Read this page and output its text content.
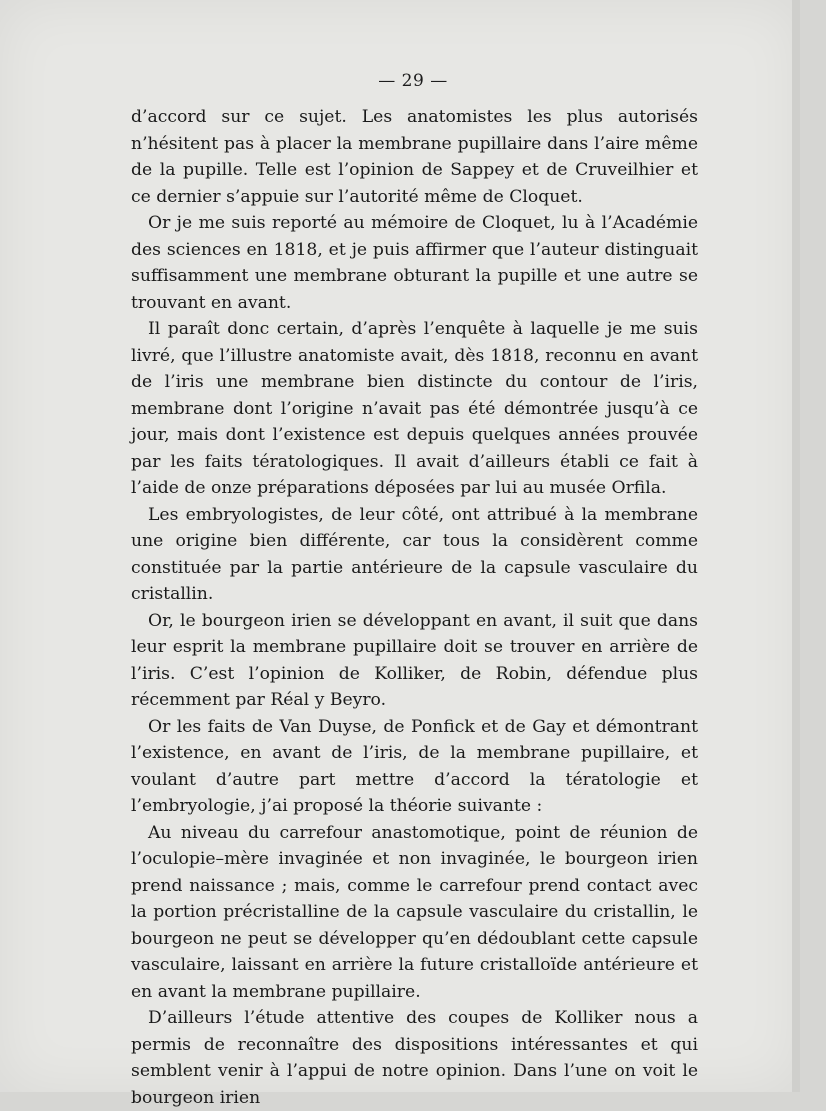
— 29 —

d’accord sur ce sujet. Les anatomistes les plus autorisés n’hésitent pas à placer la membrane pupillaire dans l’aire même de la pupille. Telle est l’opinion de Sappey et de Cruveilhier et ce dernier s’appuie sur l’autorité même de Cloquet.

Or je me suis reporté au mémoire de Cloquet, lu à l’Académie des sciences en 1818, et je puis affirmer que l’auteur distinguait suffisamment une membrane obturant la pupille et une autre se trouvant en avant.

Il paraît donc certain, d’après l’enquête à laquelle je me suis livré, que l’illustre anatomiste avait, dès 1818, reconnu en avant de l’iris une membrane bien distincte du contour de l’iris, membrane dont l’origine n’avait pas été démontrée jusqu’à ce jour, mais dont l’existence est depuis quelques années prouvée par les faits tératologiques. Il avait d’ailleurs établi ce fait à l’aide de onze préparations déposées par lui au musée Orfila.

Les embryologistes, de leur côté, ont attribué à la membrane une origine bien différente, car tous la considèrent comme constituée par la partie antérieure de la capsule vasculaire du cristallin.

Or, le bourgeon irien se développant en avant, il suit que dans leur esprit la membrane pupillaire doit se trouver en arrière de l’iris. C’est l’opinion de Kolliker, de Robin, défendue plus récemment par Réal y Beyro.

Or les faits de Van Duyse, de Ponfick et de Gay et démontrant l’existence, en avant de l’iris, de la membrane pupillaire, et voulant d’autre part mettre d’accord la tératologie et l’embryologie, j’ai proposé la théorie suivante :

Au niveau du carrefour anastomotique, point de réunion de l’oculopie–mère invaginée et non invaginée, le bourgeon irien prend naissance ; mais, comme le carrefour prend contact avec la portion précristalline de la capsule vasculaire du cristallin, le bourgeon ne peut se développer qu’en dédoublant cette capsule vasculaire, laissant en arrière la future cristalloïde antérieure et en avant la membrane pupillaire.

D’ailleurs l’étude attentive des coupes de Kolliker nous a permis de reconnaître des dispositions intéressantes et qui semblent venir à l’appui de notre opinion. Dans l’une on voit le bourgeon irien
